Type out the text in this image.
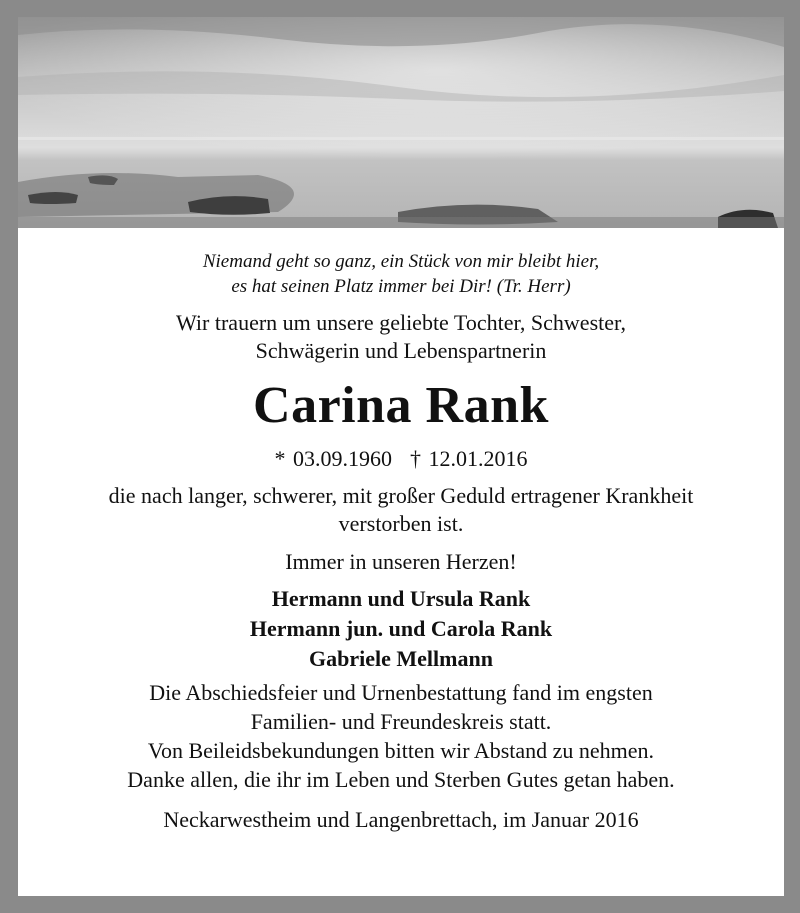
Niemand geht so ganz, ein Stück von mir bleibt hier,
es hat seinen Platz immer bei Dir! (Tr. Herr)
Wir trauern um unsere geliebte Tochter, Schwester,
Schwägerin und Lebenspartnerin
Carina Rank
* 03.09.1960 † 12.01.2016
die nach langer, schwerer, mit großer Geduld ertragener Krankheit
verstorben ist.
Immer in unseren Herzen!
Hermann und Ursula Rank
Hermann jun. und Carola Rank
Gabriele Mellmann
Die Abschiedsfeier und Urnenbestattung fand im engsten
Familien- und Freundeskreis statt.
Von Beileidsbekundungen bitten wir Abstand zu nehmen.
Danke allen, die ihr im Leben und Sterben Gutes getan haben.
Neckarwestheim und Langenbrettach, im Januar 2016
